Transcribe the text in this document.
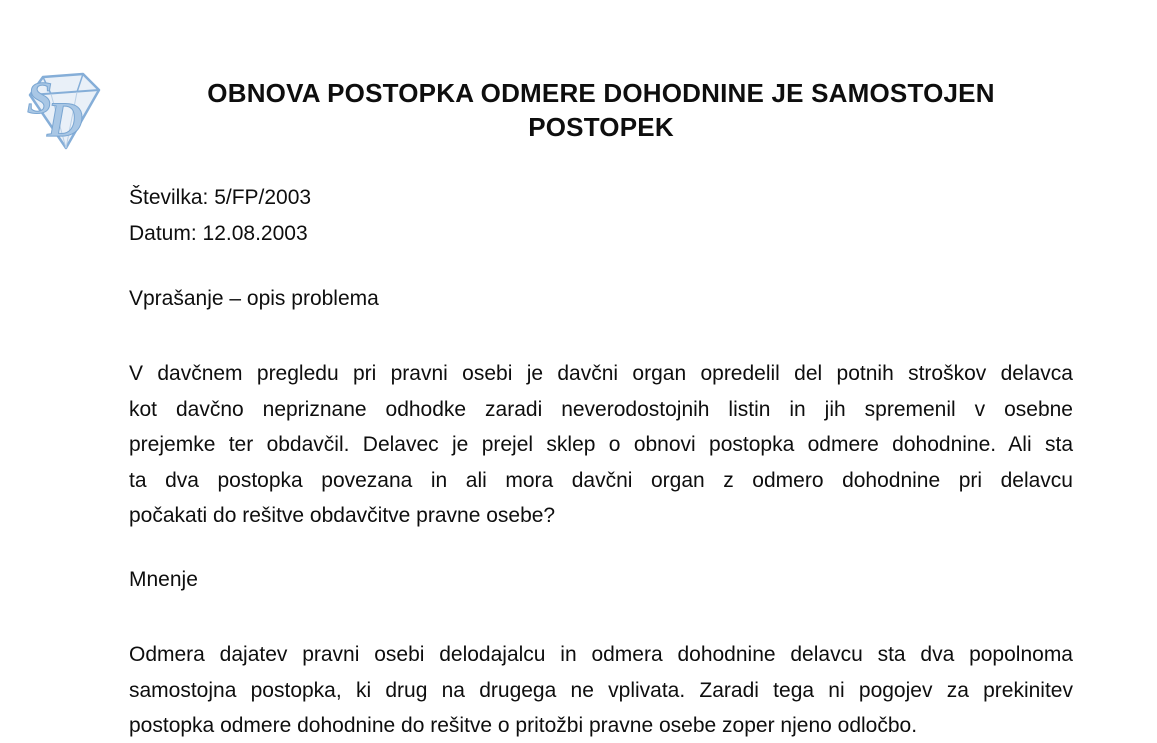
S
D	OBNOVA POSTOPKA ODMERE DOHODNINE JE SAMOSTOJEN
POSTOPEK
Številka: 5/FP/2003
Datum: 12.08.2003
Vprašanje – opis problema
V davčnem pregledu pri pravni osebi je davčni organ opredelil del potnih stroškov delavca
kot davčno nepriznane odhodke zaradi neverodostojnih listin in jih spremenil v osebne
prejemke ter obdavčil. Delavec je prejel sklep o obnovi postopka odmere dohodnine. Ali sta
ta dva postopka povezana in ali mora davčni organ z odmero dohodnine pri delavcu
počakati do rešitve obdavčitve pravne osebe?
Mnenje
Odmera dajatev pravni osebi delodajalcu in odmera dohodnine delavcu sta dva popolnoma
samostojna postopka, ki drug na drugega ne vplivata. Zaradi tega ni pogojev za prekinitev
postopka odmere dohodnine do rešitve o pritožbi pravne osebe zoper njeno odločbo.
